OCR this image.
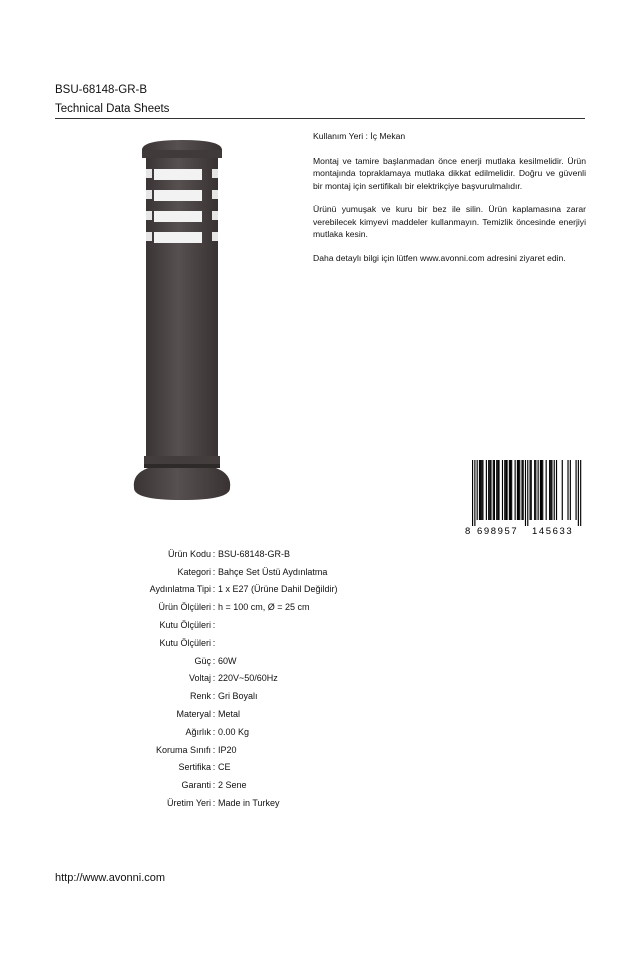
BSU-68148-GR-B
Technical Data Sheets

Kullanım Yeri : İç Mekan

Montaj ve tamire başlanmadan önce enerji mutlaka kesilmelidir. Ürün montajında topraklamaya mutlaka dikkat edilmelidir. Doğru ve güvenli bir montaj için sertifikalı bir elektrikçiye başvurulmalıdır.

Ürünü yumuşak ve kuru bir bez ile silin. Ürün kaplamasına zarar verebilecek kimyevi maddeler kullanmayın. Temizlik öncesinde enerjiyi mutlaka kesin.

Daha detaylı bilgi için lütfen www.avonni.com adresini ziyaret edin.

8 698957 145633
Ürün Kodu : BSU-68148-GR-B
Kategori : Bahçe Set Üstü Aydınlatma
Aydınlatma Tipi : 1 x E27 (Ürüne Dahil Değildir)
Ürün Ölçüleri : h = 100 cm, Ø = 25 cm
Kutu Ölçüleri :
Kutu Ölçüleri :
Güç : 60W
Voltaj : 220V~50/60Hz
Renk : Gri Boyalı
Materyal : Metal
Ağırlık : 0.00 Kg
Koruma Sınıfı : IP20
Sertifika : CE
Garanti : 2 Sene
Üretim Yeri : Made in Turkey
http://www.avonni.com
